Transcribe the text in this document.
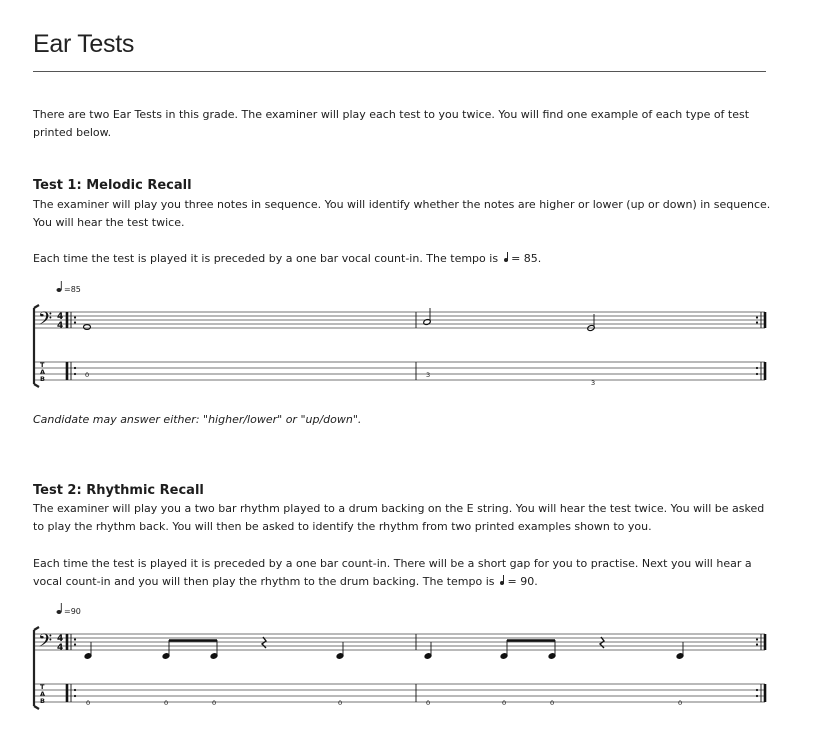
Ear Tests

There are two Ear Tests in this grade. The examiner will play each test to you twice. You will find one example of each type of test printed below.

Test 1: Melodic Recall

The examiner will play you three notes in sequence. You will identify whether the notes are higher or lower (up or down) in sequence. You will hear the test twice.

Each time the test is played it is preceded by a one bar vocal count-in. The tempo is = 85.

=85
𝄢 4
4
T
A
B	0	3
3

Candidate may answer either: "higher/lower" or "up/down".

Test 2: Rhythmic Recall

The examiner will play you a two bar rhythm played to a drum backing on the E string. You will hear the test twice. You will be asked to play the rhythm back. You will then be asked to identify the rhythm from two printed examples shown to you.

Each time the test is played it is preceded by a one bar count-in. There will be a short gap for you to practise. Next you will hear a vocal count-in and you will then play the rhythm to the drum backing. The tempo is = 90.

=90
𝄢 4
4
T
A
B	0	0	0	0	0	0	0	0
